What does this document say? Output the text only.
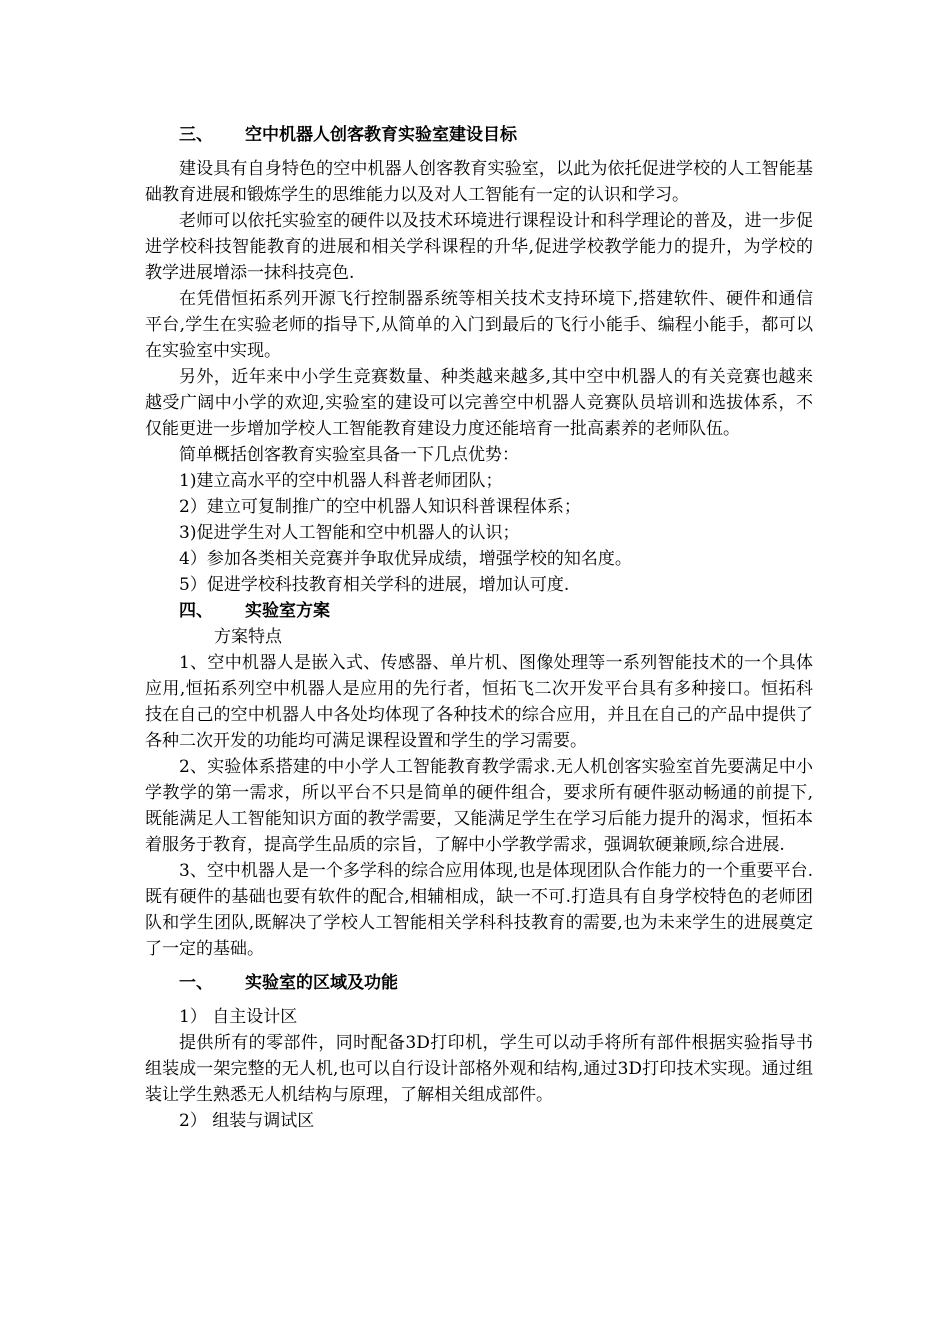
三、 空中机器人创客教育实验室建设目标

建设具有自身特色的空中机器人创客教育实验室，以此为依托促进学校的人工智能基础教育进展和锻炼学生的思维能力以及对人工智能有一定的认识和学习。

老师可以依托实验室的硬件以及技术环境进行课程设计和科学理论的普及，进一步促进学校科技智能教育的进展和相关学科课程的升华,促进学校教学能力的提升，为学校的教学进展增添一抹科技亮色.

在凭借恒拓系列开源飞行控制器系统等相关技术支持环境下,搭建软件、硬件和通信平台,学生在实验老师的指导下,从简单的入门到最后的飞行小能手、编程小能手，都可以在实验室中实现。

另外，近年来中小学生竞赛数量、种类越来越多,其中空中机器人的有关竞赛也越来越受广阔中小学的欢迎,实验室的建设可以完善空中机器人竞赛队员培训和选拔体系，不仅能更进一步增加学校人工智能教育建设力度还能培育一批高素养的老师队伍。

简单概括创客教育实验室具备一下几点优势：

1)建立高水平的空中机器人科普老师团队；

2）建立可复制推广的空中机器人知识科普课程体系；

3)促进学生对人工智能和空中机器人的认识；

4）参加各类相关竞赛并争取优异成绩，增强学校的知名度。

5）促进学校科技教育相关学科的进展，增加认可度.

四、 实验室方案

方案特点

1、空中机器人是嵌入式、传感器、单片机、图像处理等一系列智能技术的一个具体应用,恒拓系列空中机器人是应用的先行者，恒拓飞二次开发平台具有多种接口。恒拓科技在自己的空中机器人中各处均体现了各种技术的综合应用，并且在自己的产品中提供了各种二次开发的功能均可满足课程设置和学生的学习需要。

2、实验体系搭建的中小学人工智能教育教学需求.无人机创客实验室首先要满足中小学教学的第一需求，所以平台不只是简单的硬件组合，要求所有硬件驱动畅通的前提下,既能满足人工智能知识方面的教学需要，又能满足学生在学习后能力提升的渴求，恒拓本着服务于教育，提高学生品质的宗旨，了解中小学教学需求，强调软硬兼顾,综合进展.

3、空中机器人是一个多学科的综合应用体现,也是体现团队合作能力的一个重要平台.既有硬件的基础也要有软件的配合,相辅相成，缺一不可.打造具有自身学校特色的老师团队和学生团队,既解决了学校人工智能相关学科科技教育的需要,也为未来学生的进展奠定了一定的基础。

一、 实验室的区域及功能

1） 自主设计区

提供所有的零部件，同时配备3D打印机，学生可以动手将所有部件根据实验指导书组装成一架完整的无人机,也可以自行设计部格外观和结构,通过3D打印技术实现。通过组装让学生熟悉无人机结构与原理，了解相关组成部件。

2） 组装与调试区
